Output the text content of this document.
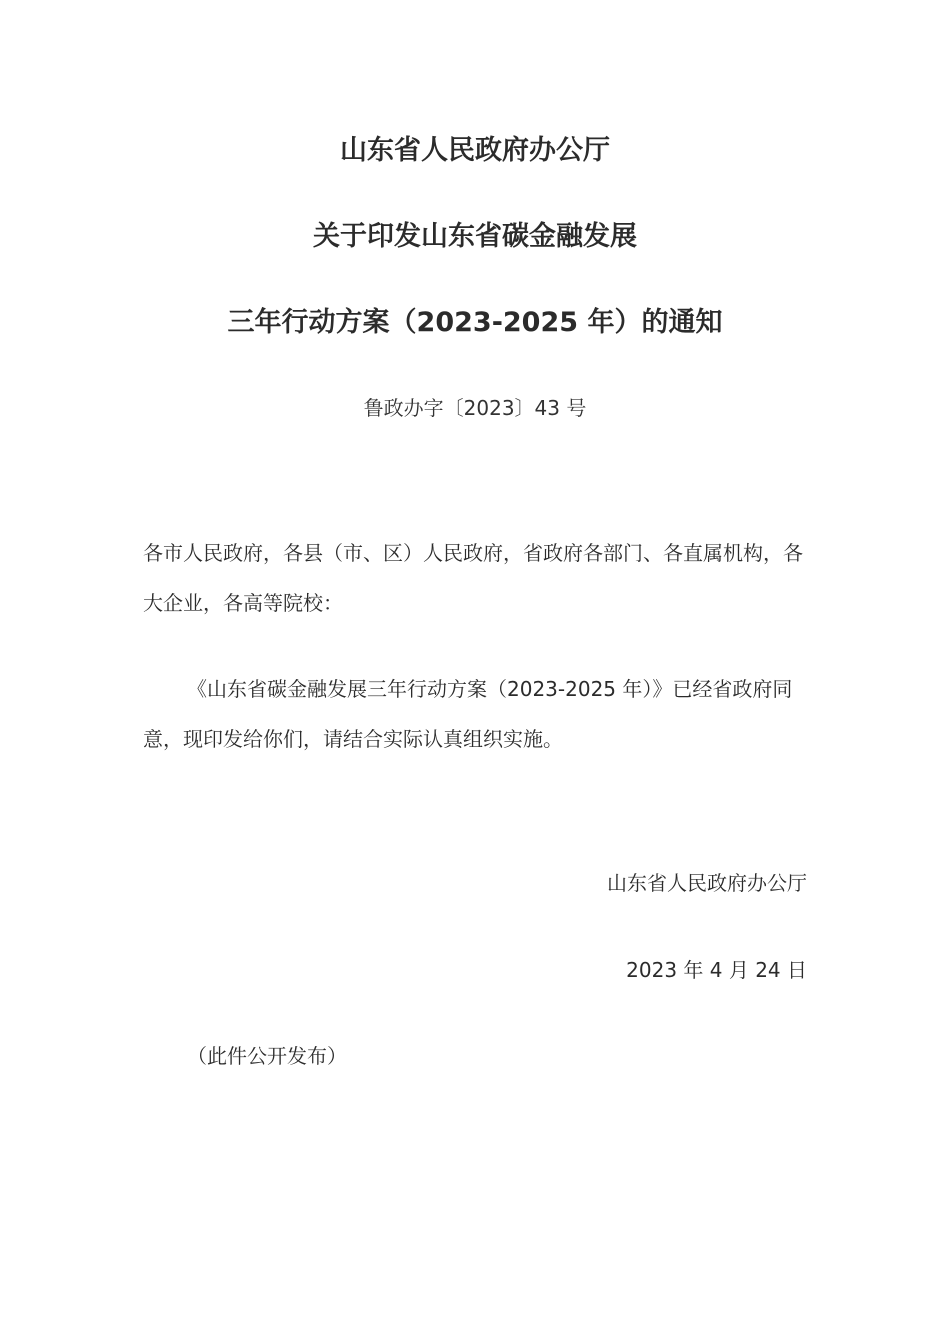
山东省人民政府办公厅
关于印发山东省碳金融发展
三年行动方案（2023-2025 年）的通知
鲁政办字〔2023〕43 号
各市人民政府，各县（市、区）人民政府，省政府各部门、各直属机构，各大企业，各高等院校：
《山东省碳金融发展三年行动方案（2023-2025 年）》已经省政府同意，现印发给你们，请结合实际认真组织实施。
山东省人民政府办公厅
2023 年 4 月 24 日
（此件公开发布）
